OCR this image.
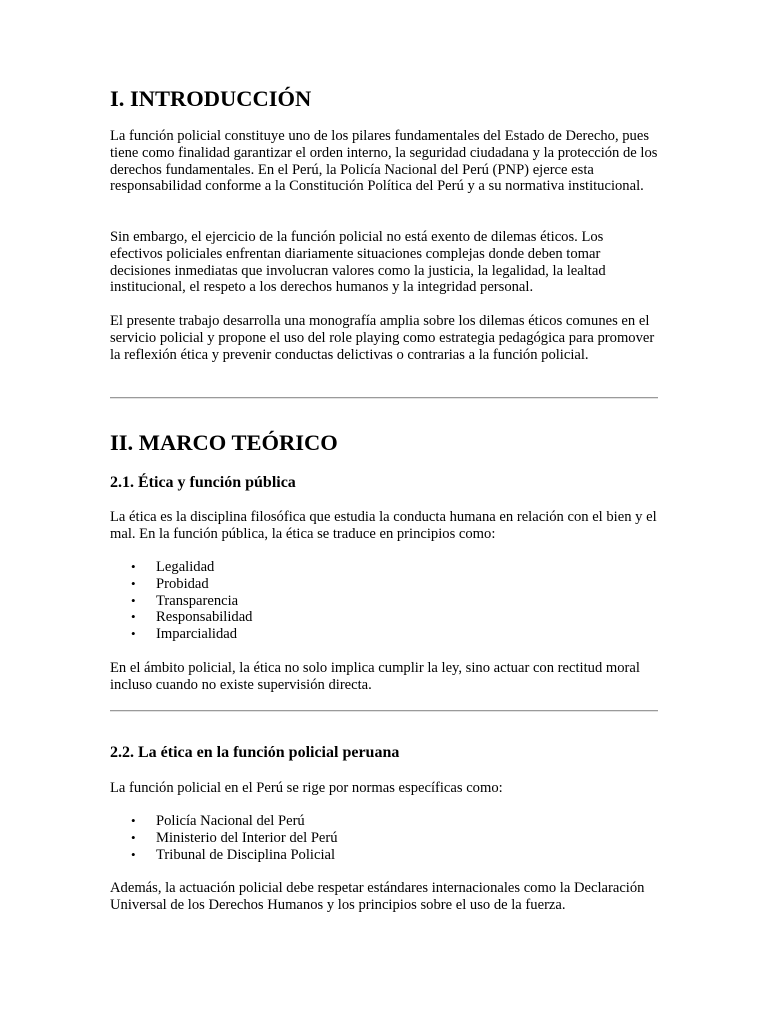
I. INTRODUCCIÓN

La función policial constituye uno de los pilares fundamentales del Estado de Derecho, pues tiene como finalidad garantizar el orden interno, la seguridad ciudadana y la protección de los derechos fundamentales. En el Perú, la Policía Nacional del Perú (PNP) ejerce esta responsabilidad conforme a la Constitución Política del Perú y a su normativa institucional.

Sin embargo, el ejercicio de la función policial no está exento de dilemas éticos. Los efectivos policiales enfrentan diariamente situaciones complejas donde deben tomar decisiones inmediatas que involucran valores como la justicia, la legalidad, la lealtad institucional, el respeto a los derechos humanos y la integridad personal.

El presente trabajo desarrolla una monografía amplia sobre los dilemas éticos comunes en el servicio policial y propone el uso del role playing como estrategia pedagógica para promover la reflexión ética y prevenir conductas delictivas o contrarias a la función policial.

II. MARCO TEÓRICO
2.1. Ética y función pública

La ética es la disciplina filosófica que estudia la conducta humana en relación con el bien y el mal. En la función pública, la ética se traduce en principios como:

• Legalidad
• Probidad
• Transparencia
• Responsabilidad
• Imparcialidad

En el ámbito policial, la ética no solo implica cumplir la ley, sino actuar con rectitud moral incluso cuando no existe supervisión directa.

2.2. La ética en la función policial peruana

La función policial en el Perú se rige por normas específicas como:

• Policía Nacional del Perú
• Ministerio del Interior del Perú
• Tribunal de Disciplina Policial

Además, la actuación policial debe respetar estándares internacionales como la Declaración Universal de los Derechos Humanos y los principios sobre el uso de la fuerza.
